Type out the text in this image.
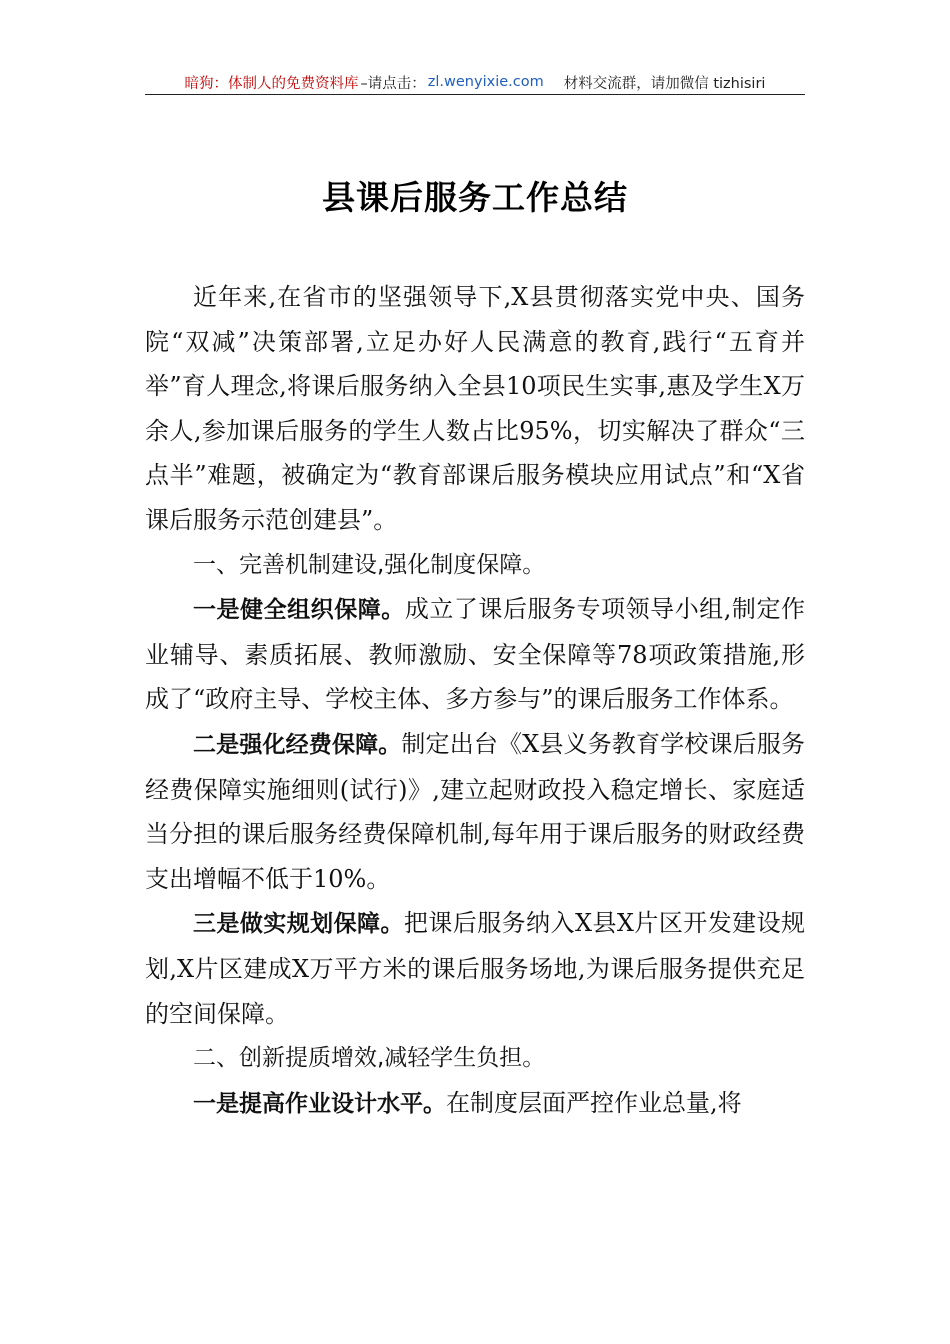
暗狗：体制人的免费资料库 –请点击： zl.wenyixie.com 材料交流群，请加微信 tizhisiri
县课后服务工作总结

近年来,在省市的坚强领导下,X县贯彻落实党中央、国务院“双减”决策部署,立足办好人民满意的教育,践行“五育并举”育人理念,将课后服务纳入全县10项民生实事,惠及学生X万余人,参加课后服务的学生人数占比95%，切实解决了群众“三点半”难题，被确定为“教育部课后服务模块应用试点”和“X省课后服务示范创建县”。

一、完善机制建设,强化制度保障。

一是健全组织保障。成立了课后服务专项领导小组,制定作业辅导、素质拓展、教师激励、安全保障等78项政策措施,形成了“政府主导、学校主体、多方参与”的课后服务工作体系。

二是强化经费保障。制定出台《X县义务教育学校课后服务经费保障实施细则(试行)》,建立起财政投入稳定增长、家庭适当分担的课后服务经费保障机制,每年用于课后服务的财政经费支出增幅不低于10%。

三是做实规划保障。把课后服务纳入X县X片区开发建设规划,X片区建成X万平方米的课后服务场地,为课后服务提供充足的空间保障。

二、创新提质增效,减轻学生负担。

一是提高作业设计水平。在制度层面严控作业总量,将
